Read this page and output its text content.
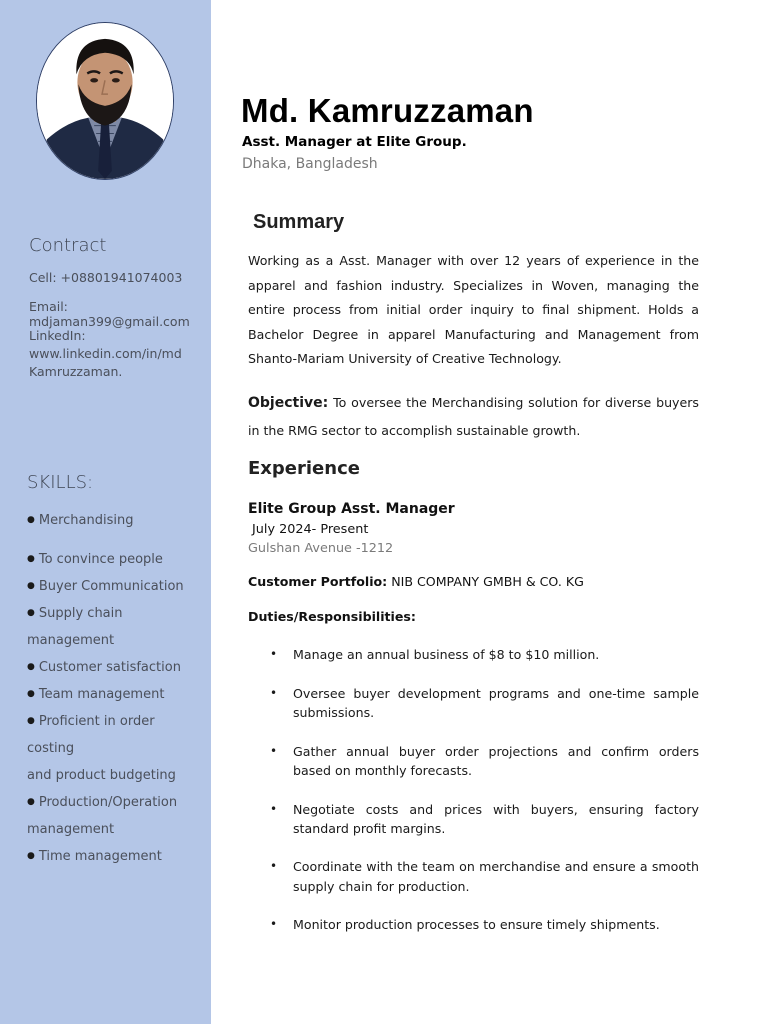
Contract
Cell: +08801941074003
Email: mdjaman399@gmail.com
LinkedIn:
www.linkedin.com/in/md
Kamruzzaman.
SKILLS:
● Merchandising
● To convince people
● Buyer Communication
● Supply chain management
● Customer satisfaction
● Team management
● Proficient in order costing
and product budgeting
● Production/Operation
management
● Time management
Md. Kamruzzaman
Asst. Manager at Elite Group.
Dhaka, Bangladesh
Summary

Working as a Asst. Manager with over 12 years of experience in the apparel and fashion industry. Specializes in Woven, managing the entire process from initial order inquiry to final shipment. Holds a Bachelor Degree in apparel Manufacturing and Management from Shanto-Mariam University of Creative Technology.

Objective: To oversee the Merchandising solution for diverse buyers in the RMG sector to accomplish sustainable growth.

Experience
Elite Group Asst. Manager
July 2024- Present
Gulshan Avenue -1212
Customer Portfolio: NIB COMPANY GMBH & CO. KG
Duties/Responsibilities:
• Manage an annual business of $8 to $10 million.
• Oversee buyer development programs and one-time sample submissions.
• Gather annual buyer order projections and confirm orders based on monthly forecasts.
• Negotiate costs and prices with buyers, ensuring factory standard profit margins.
• Coordinate with the team on merchandise and ensure a smooth supply chain for production.
• Monitor production processes to ensure timely shipments.
